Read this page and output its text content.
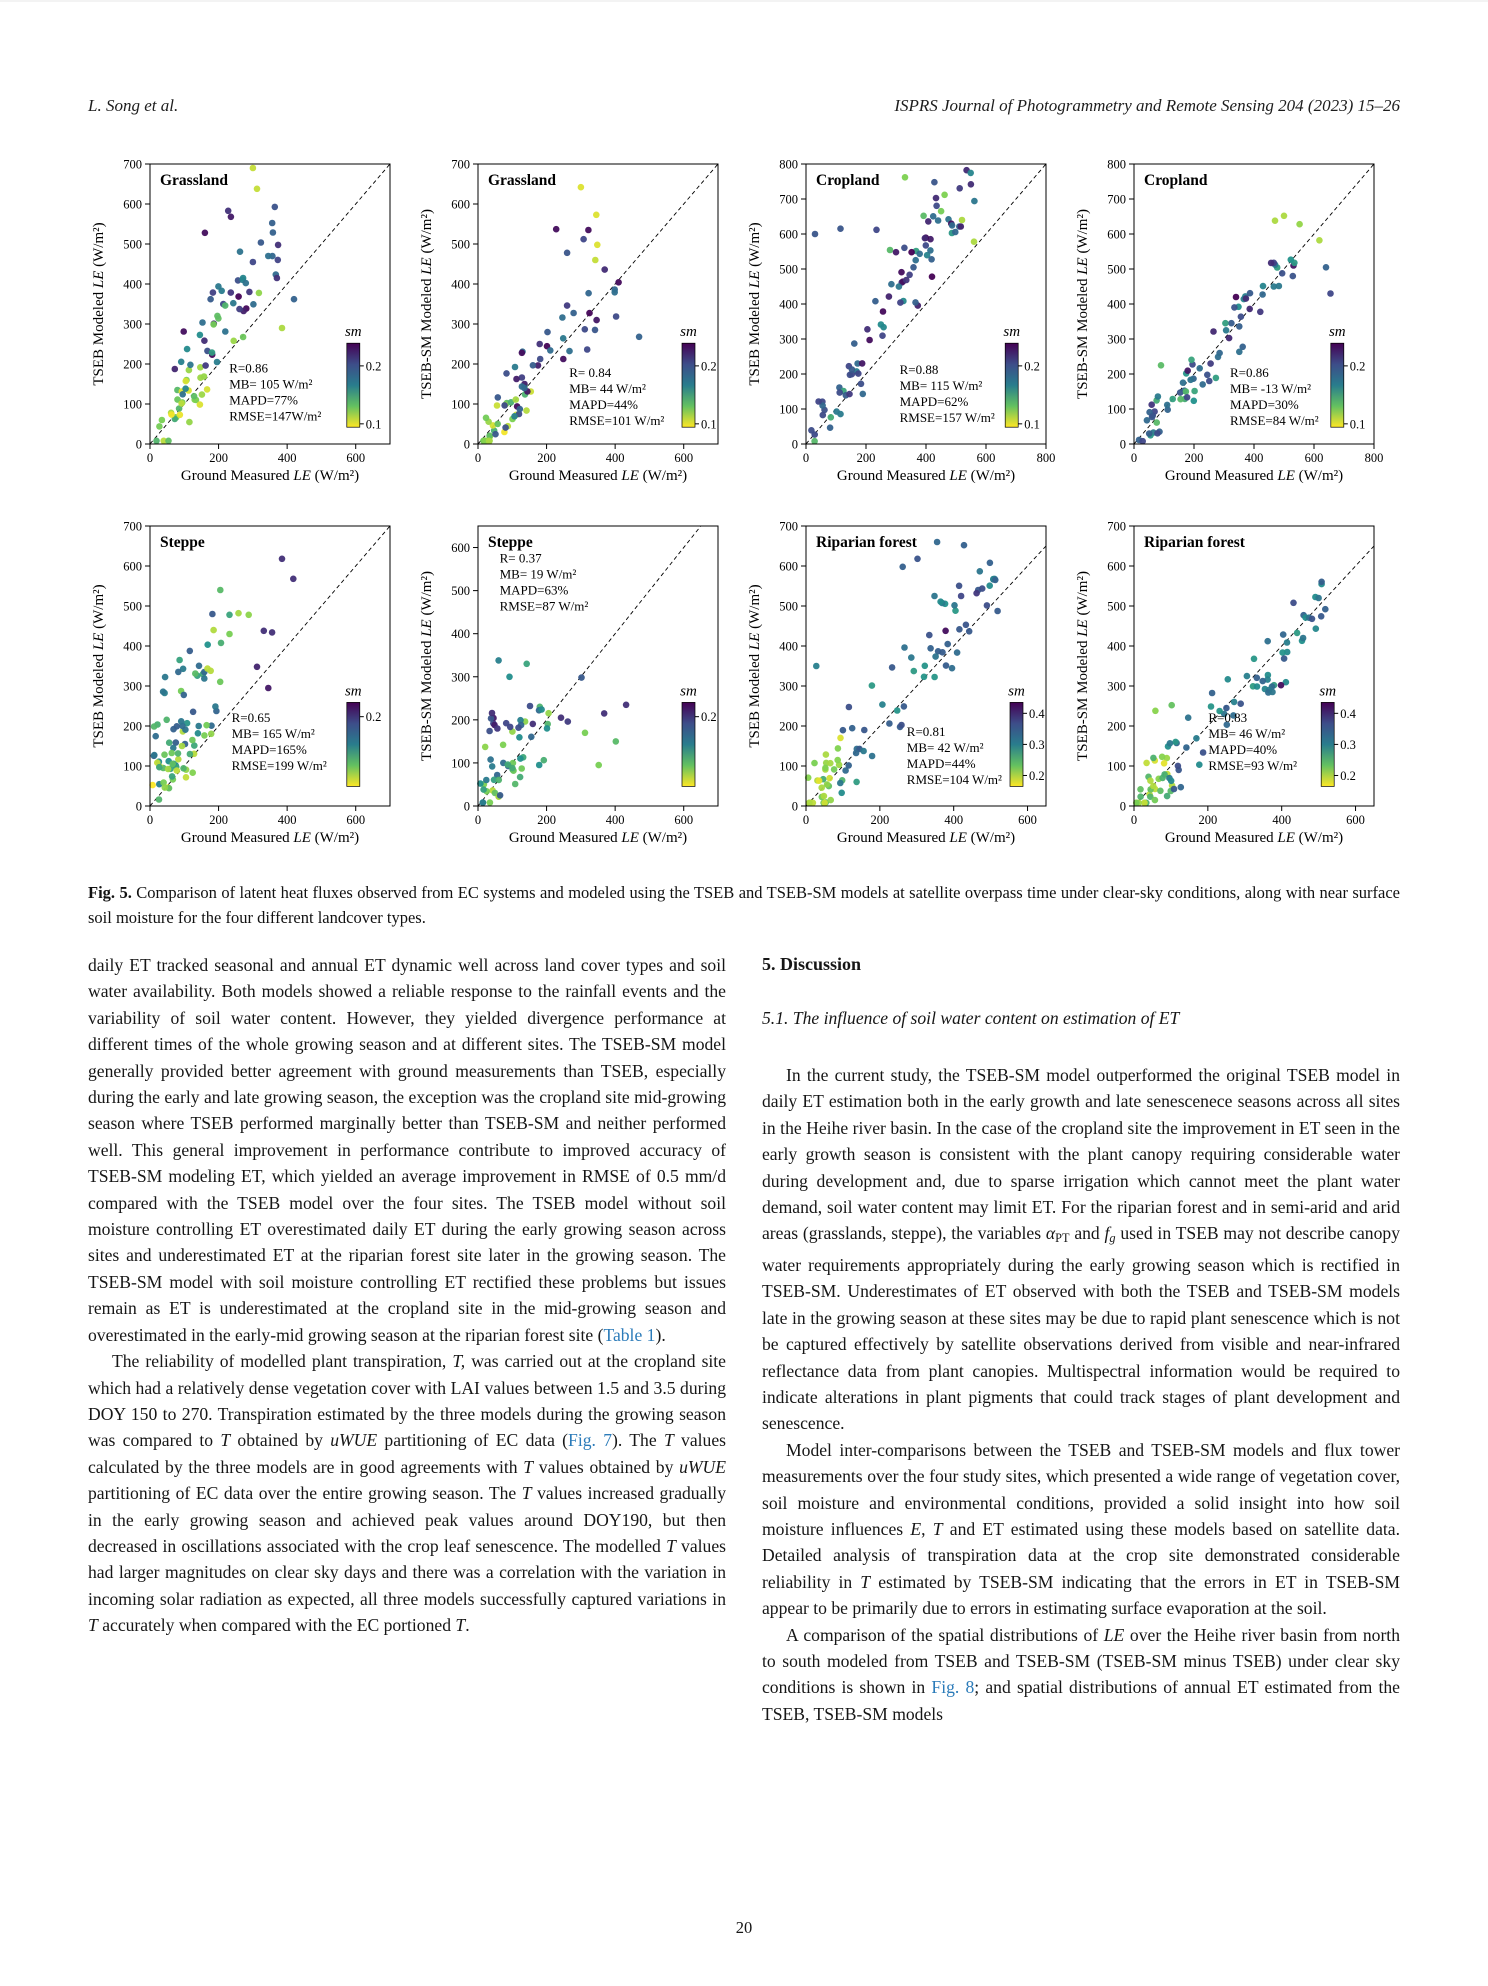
L. Song et al.	ISPRS Journal of Photogrammetry and Remote Sensing 204 (2023) 15–26
0
100
200
300
400
500
600
700
0	200	400	600
Grassland
R=0.86
MB= 105 W/m²
MAPD=77%
RMSE=147W/m²
sm
0.2
0.1
TSEB Modeled LE (W/m²)
Ground Measured LE (W/m²)
0
100
200
300
400
500
600
700
0	200	400	600
Grassland
R= 0.84
MB= 44 W/m²
MAPD=44%
RMSE=101 W/m²
sm
0.2
0.1
TSEB-SM Modeled LE (W/m²)
Ground Measured LE (W/m²)
0
100
200
300
400
500
600
700
800
0	200	400	600	800
Cropland
R=0.88
MB= 115 W/m²
MAPD=62%
RMSE=157 W/m²
sm
0.2
0.1
TSEB Modeled LE (W/m²)
Ground Measured LE (W/m²)
0
100
200
300
400
500
600
700
800
0	200	400	600	800
Cropland
R=0.86
MB= -13 W/m²
MAPD=30%
RMSE=84 W/m²
sm
0.2
0.1
TSEB-SM Modeled LE (W/m²)
Ground Measured LE (W/m²)
0
100
200
300
400
500
600
700
0	200	400	600
Steppe
R=0.65
MB= 165 W/m²
MAPD=165%
RMSE=199 W/m²
sm
0.2
TSEB Modeled LE (W/m²)
Ground Measured LE (W/m²)
0
100
200
300
400
500
600
0	200	400	600
Steppe
R= 0.37
MB= 19 W/m²
MAPD=63%
RMSE=87 W/m²
sm
0.2
TSEB-SM Modeled LE (W/m²)
Ground Measured LE (W/m²)
0
100
200
300
400
500
600
700
0	200	400	600
Riparian forest
R=0.81
MB= 42 W/m²
MAPD=44%
RMSE=104 W/m²
sm
0.4
0.3
0.2
TSEB Modeled LE (W/m²)
Ground Measured LE (W/m²)
0
100
200
300
400
500
600
700
0	200	400	600
Riparian forest
R=0.83
MB= 46 W/m²
MAPD=40%
RMSE=93 W/m²
sm
0.4
0.3
0.2
TSEB-SM Modeled LE (W/m²)
Ground Measured LE (W/m²)

Fig. 5. Comparison of latent heat fluxes observed from EC systems and modeled using the TSEB and TSEB-SM models at satellite overpass time under clear-sky conditions, along with near surface soil moisture for the four different landcover types.

daily ET tracked seasonal and annual ET dynamic well across land cover types and soil water availability. Both models showed a reliable response to the rainfall events and the variability of soil water content. However, they yielded divergence performance at different times of the whole growing season and at different sites. The TSEB-SM model generally provided better agreement with ground measurements than TSEB, especially during the early and late growing season, the exception was the cropland site mid-growing season where TSEB performed marginally better than TSEB-SM and neither performed well. This general improvement in performance contribute to improved accuracy of TSEB-SM modeling ET, which yielded an average improvement in RMSE of 0.5 mm/d compared with the TSEB model over the four sites. The TSEB model without soil moisture controlling ET overestimated daily ET during the early growing season across sites and underestimated ET at the riparian forest site later in the growing season. The TSEB-SM model with soil moisture controlling ET rectified these problems but issues remain as ET is underestimated at the cropland site in the mid-growing season and overestimated in the early-mid growing season at the riparian forest site (Table 1).

The reliability of modelled plant transpiration, T, was carried out at the cropland site which had a relatively dense vegetation cover with LAI values between 1.5 and 3.5 during DOY 150 to 270. Transpiration estimated by the three models during the growing season was compared to T obtained by uWUE partitioning of EC data (Fig. 7). The T values calculated by the three models are in good agreements with T values obtained by uWUE partitioning of EC data over the entire growing season. The T values increased gradually in the early growing season and achieved peak values around DOY190, but then decreased in oscillations associated with the crop leaf senescence. The modelled T values had larger magnitudes on clear sky days and there was a correlation with the variation in incoming solar radiation as expected, all three models successfully captured variations in T accurately when compared with the EC portioned T.

5. Discussion
5.1. The influence of soil water content on estimation of ET

In the current study, the TSEB-SM model outperformed the original TSEB model in daily ET estimation both in the early growth and late senescenece seasons across all sites in the Heihe river basin. In the case of the cropland site the improvement in ET seen in the early growth season is consistent with the plant canopy requiring considerable water during development and, due to sparse irrigation which cannot meet the plant water demand, soil water content may limit ET. For the riparian forest and in semi-arid and arid areas (grasslands, steppe), the variables αPT and fg used in TSEB may not describe canopy water requirements appropriately during the early growing season which is rectified in TSEB-SM. Underestimates of ET observed with both the TSEB and TSEB-SM models late in the growing season at these sites may be due to rapid plant senescence which is not be captured effectively by satellite observations derived from visible and near-infrared reflectance data from plant canopies. Multispectral information would be required to indicate alterations in plant pigments that could track stages of plant development and senescence.

Model inter-comparisons between the TSEB and TSEB-SM models and flux tower measurements over the four study sites, which presented a wide range of vegetation cover, soil moisture and environmental conditions, provided a solid insight into how soil moisture influences E, T and ET estimated using these models based on satellite data. Detailed analysis of transpiration data at the crop site demonstrated considerable reliability in T estimated by TSEB-SM indicating that the errors in ET in TSEB-SM appear to be primarily due to errors in estimating surface evaporation at the soil.

A comparison of the spatial distributions of LE over the Heihe river basin from north to south modeled from TSEB and TSEB-SM (TSEB-SM minus TSEB) under clear sky conditions is shown in Fig. 8; and spatial distributions of annual ET estimated from the TSEB, TSEB-SM models

20
